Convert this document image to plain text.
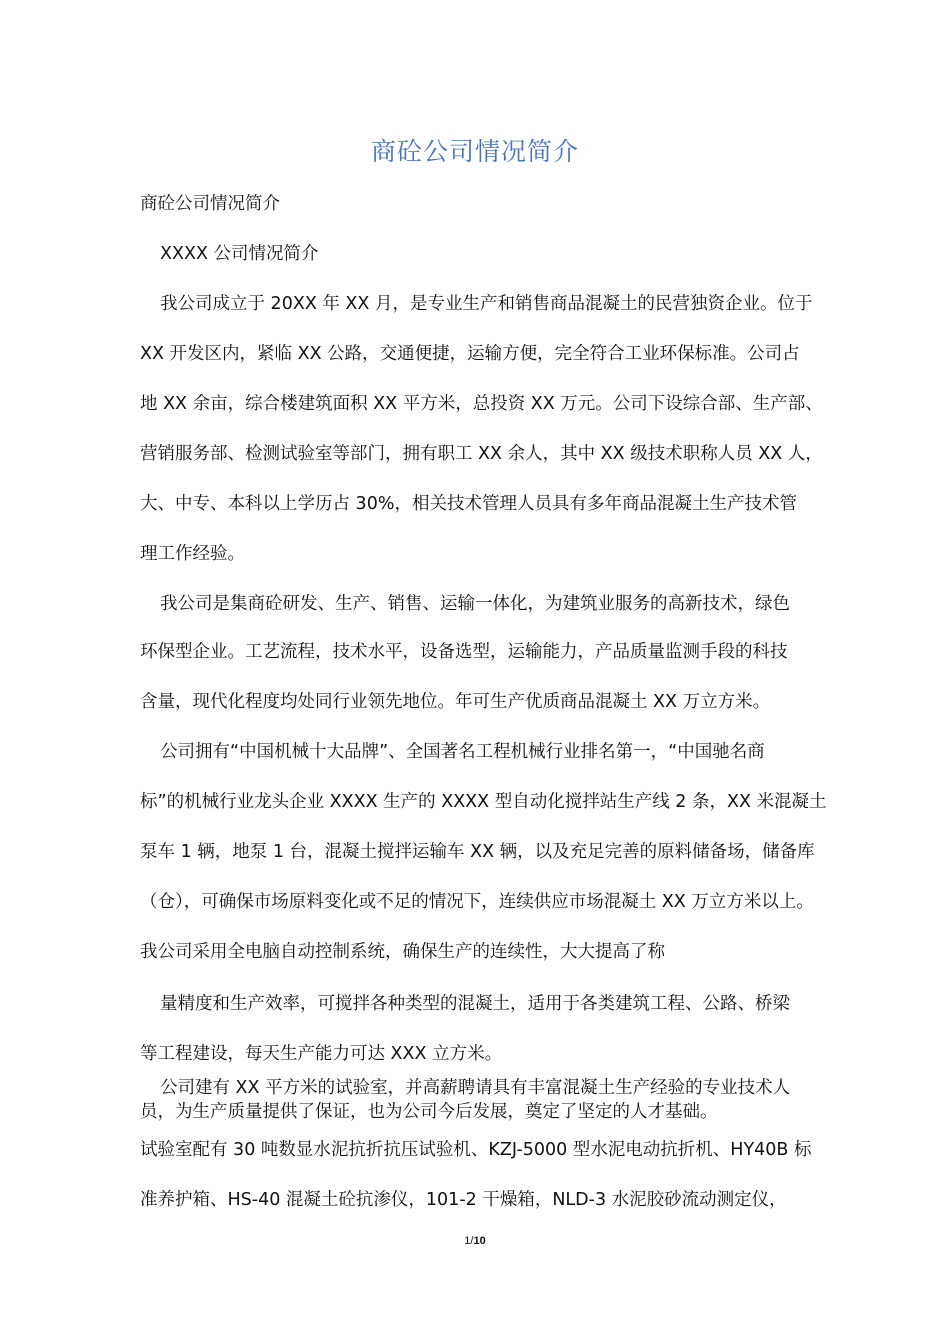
商砼公司情况简介
商砼公司情况简介
XXXX 公司情况简介
我公司成立于 20XX 年 XX 月，是专业生产和销售商品混凝土的民营独资企业。位于
XX 开发区内，紧临 XX 公路，交通便捷，运输方便，完全符合工业环保标准。公司占
地 XX 余亩，综合楼建筑面积 XX 平方米，总投资 XX 万元。公司下设综合部、生产部、
营销服务部、检测试验室等部门，拥有职工 XX 余人，其中 XX 级技术职称人员 XX 人，
大、中专、本科以上学历占 30%，相关技术管理人员具有多年商品混凝土生产技术管
理工作经验。
我公司是集商砼研发、生产、销售、运输一体化，为建筑业服务的高新技术，绿色
环保型企业。工艺流程，技术水平，设备选型，运输能力，产品质量监测手段的科技
含量，现代化程度均处同行业领先地位。年可生产优质商品混凝土 XX 万立方米。
公司拥有“中国机械十大品牌”、全国著名工程机械行业排名第一，“中国驰名商
标”的机械行业龙头企业 XXXX 生产的 XXXX 型自动化搅拌站生产线 2 条，XX 米混凝土
泵车 1 辆，地泵 1 台，混凝土搅拌运输车 XX 辆，以及充足完善的原料储备场，储备库
（仓），可确保市场原料变化或不足的情况下，连续供应市场混凝土 XX 万立方米以上。
我公司采用全电脑自动控制系统，确保生产的连续性，大大提高了称
量精度和生产效率，可搅拌各种类型的混凝土，适用于各类建筑工程、公路、桥梁
等工程建设，每天生产能力可达 XXX 立方米。
公司建有 XX 平方米的试验室，并高薪聘请具有丰富混凝土生产经验的专业技术人
员，为生产质量提供了保证，也为公司今后发展，奠定了坚定的人才基础。
试验室配有 30 吨数显水泥抗折抗压试验机、KZJ-5000 型水泥电动抗折机、HY40B 标
准养护箱、HS-40 混凝土砼抗渗仪，101-2 干燥箱，NLD-3 水泥胶砂流动测定仪，
1/10
